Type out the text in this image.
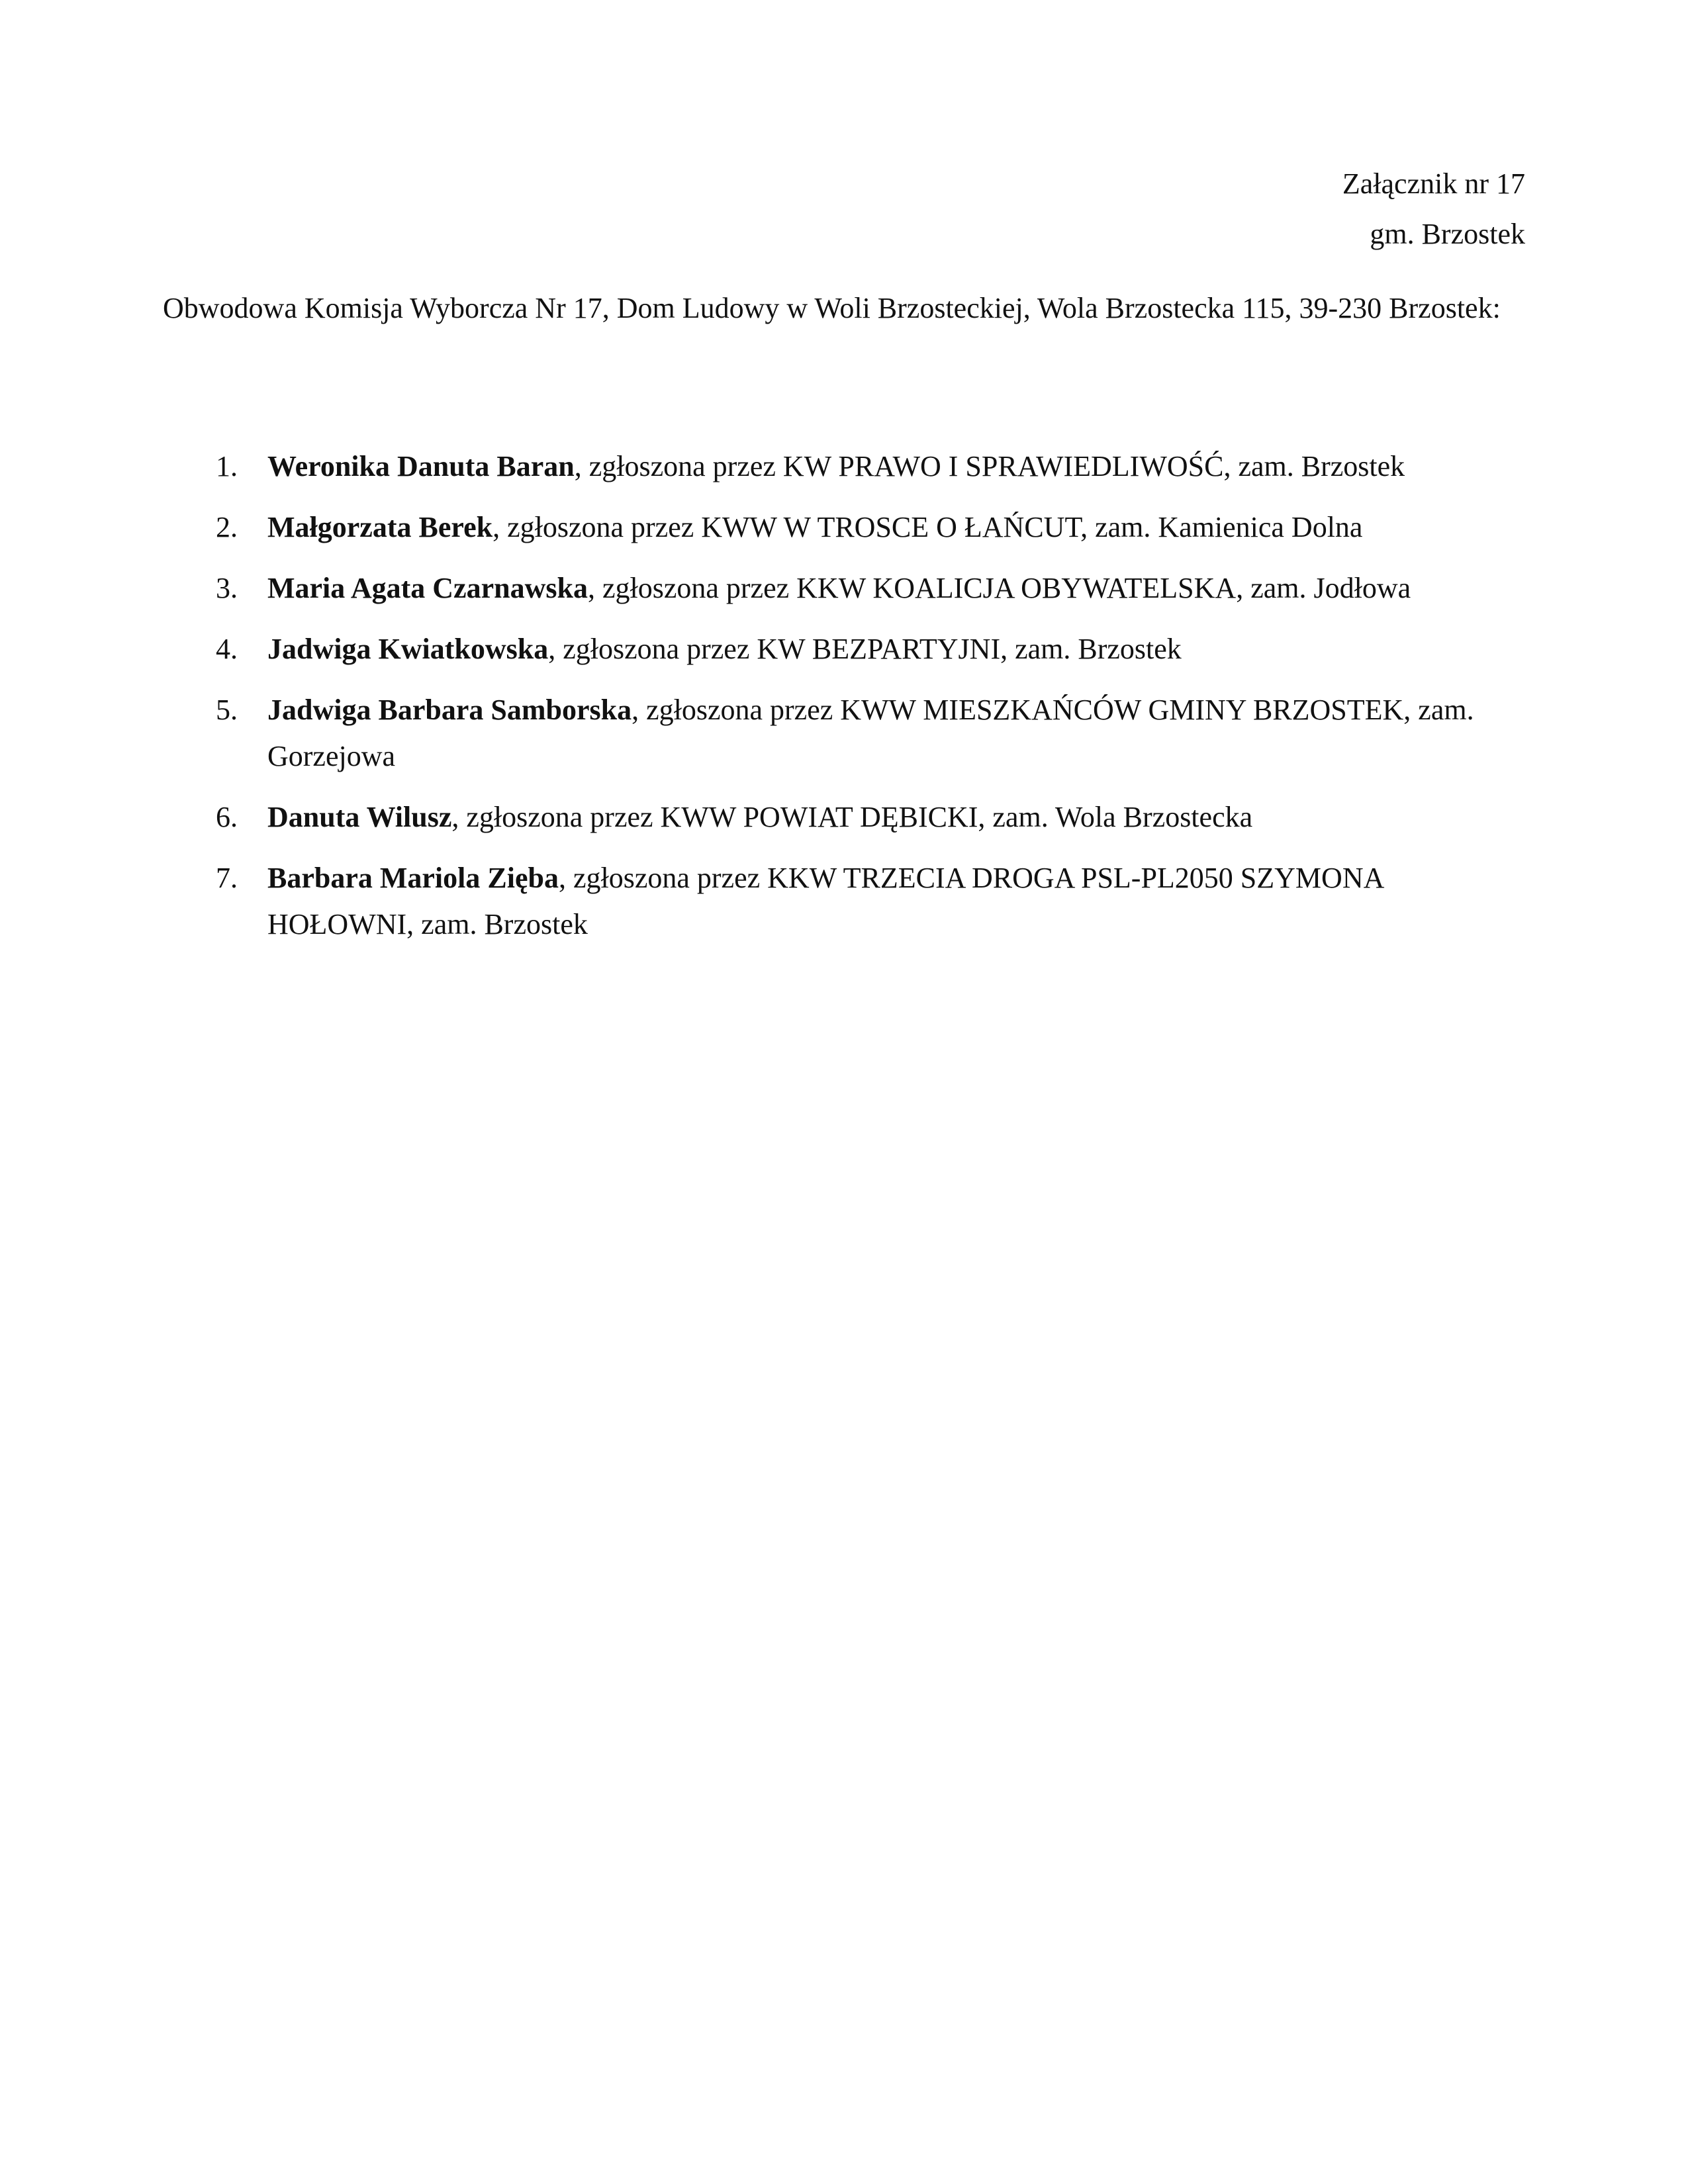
Załącznik nr 17
gm. Brzostek
Obwodowa Komisja Wyborcza Nr 17, Dom Ludowy w Woli Brzosteckiej, Wola Brzostecka 115, 39-230 Brzostek:
1. Weronika Danuta Baran, zgłoszona przez KW PRAWO I SPRAWIEDLIWOŚĆ, zam. Brzostek
2. Małgorzata Berek, zgłoszona przez KWW W TROSCE O ŁAŃCUT, zam. Kamienica Dolna
3. Maria Agata Czarnawska, zgłoszona przez KKW KOALICJA OBYWATELSKA, zam. Jodłowa
4. Jadwiga Kwiatkowska, zgłoszona przez KW BEZPARTYJNI, zam. Brzostek
5. Jadwiga Barbara Samborska, zgłoszona przez KWW MIESZKAŃCÓW GMINY BRZOSTEK, zam. Gorzejowa
6. Danuta Wilusz, zgłoszona przez KWW POWIAT DĘBICKI, zam. Wola Brzostecka
7. Barbara Mariola Zięba, zgłoszona przez KKW TRZECIA DROGA PSL-PL2050 SZYMONA HOŁOWNI, zam. Brzostek
